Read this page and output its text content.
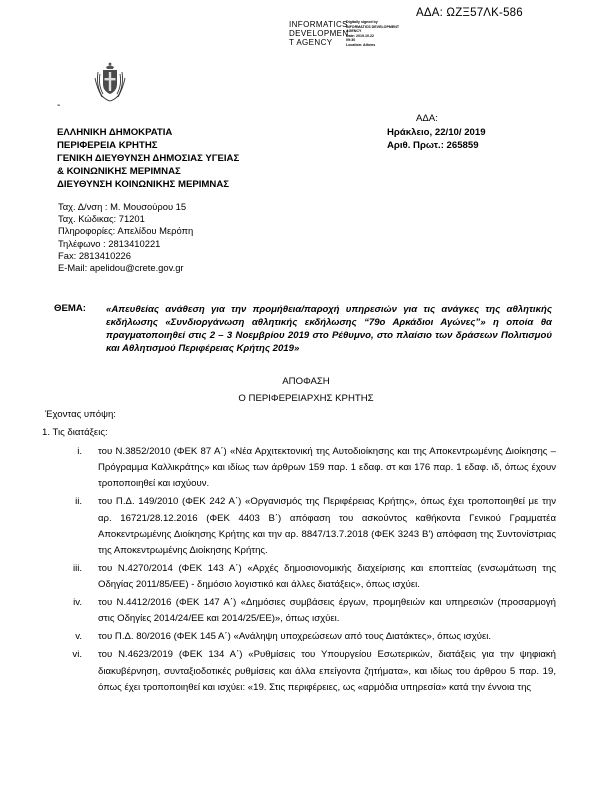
ΑΔΑ: ΩΖΞ57ΛΚ-586
INFORMATICS
DEVELOPMEN
T AGENCY
Digitally signed by
INFORMATICS DEVELOPMENT
AGENCY
Date: 2019.10.22
09:30
Location: Athens
-
ΕΛΛΗΝΙΚΗ ΔΗΜΟΚΡΑΤΙΑ
ΠΕΡΙΦΕΡΕΙΑ ΚΡΗΤΗΣ
ΓΕΝΙΚΗ ΔΙΕΥΘΥΝΣΗ ΔΗΜΟΣΙΑΣ ΥΓΕΙΑΣ
& ΚΟΙΝΩΝΙΚΗΣ ΜΕΡΙΜΝΑΣ
ΔΙΕΥΘΥΝΣΗ ΚΟΙΝΩΝΙΚΗΣ ΜΕΡΙΜΝΑΣ
ΑΔΑ:
Ηράκλειο, 22/10/ 2019
Αριθ. Πρωτ.: 265859
Ταχ. Δ/νση : Μ. Μουσούρου 15
Ταχ. Κώδικας: 71201
Πληροφορίες: Απελίδου Μερόπη
Τηλέφωνο : 2813410221
Fax: 2813410226
E-Mail: apelidou@crete.gov.gr
ΘΕΜΑ: «Απευθείας ανάθεση για την προμήθεια/παροχή υπηρεσιών για τις ανάγκες της αθλητικής εκδήλωσης «Συνδιοργάνωση αθλητικής εκδήλωσης “79ο Αρκάδιοι Αγώνες”» η οποία θα πραγματοποιηθεί στις 2 – 3 Νοεμβρίου 2019 στο Ρέθυμνο, στο πλαίσιο των δράσεων Πολιτισμού και Αθλητισμού Περιφέρειας Κρήτης 2019»
ΑΠΟΦΑΣΗ
Ο ΠΕΡΙΦΕΡΕΙΑΡΧΗΣ ΚΡΗΤΗΣ
Έχοντας υπόψη:
1. Τις διατάξεις:
i. του Ν.3852/2010 (ΦΕΚ 87 Α΄) «Νέα Αρχιτεκτονική της Αυτοδιοίκησης και της Αποκεντρωμένης Διοίκησης – Πρόγραμμα Καλλικράτης» και ιδίως των άρθρων 159 παρ. 1 εδαφ. στ και 176 παρ. 1 εδαφ. ιδ, όπως έχουν τροποποιηθεί και ισχύουν.
ii. του Π.Δ. 149/2010 (ΦΕΚ 242 Α΄) «Οργανισμός της Περιφέρειας Κρήτης», όπως έχει τροποποιηθεί με την αρ. 16721/28.12.2016 (ΦΕΚ 4403 Β΄) απόφαση του ασκούντος καθήκοντα Γενικού Γραμματέα Αποκεντρωμένης Διοίκησης Κρήτης και την αρ. 8847/13.7.2018 (ΦΕΚ 3243 Β') απόφαση της Συντονίστριας της Αποκεντρωμένης Διοίκησης Κρήτης.
iii. του Ν.4270/2014 (ΦΕΚ 143 Α΄) «Αρχές δημοσιονομικής διαχείρισης και εποπτείας (ενσωμάτωση της Οδηγίας 2011/85/ΕΕ) - δημόσιο λογιστικό και άλλες διατάξεις», όπως ισχύει.
iv. του Ν.4412/2016 (ΦΕΚ 147 Α΄) «Δημόσιες συμβάσεις έργων, προμηθειών και υπηρεσιών (προσαρμογή στις Οδηγίες 2014/24/ΕΕ και 2014/25/ΕΕ)», όπως ισχύει.
v. του Π.Δ. 80/2016 (ΦΕΚ 145 Α΄) «Ανάληψη υποχρεώσεων από τους Διατάκτες», όπως ισχύει.
vi. του Ν.4623/2019 (ΦΕΚ 134 Α΄) «Ρυθμίσεις του Υπουργείου Εσωτερικών, διατάξεις για την ψηφιακή διακυβέρνηση, συνταξιοδοτικές ρυθμίσεις και άλλα επείγοντα ζητήματα», και ιδίως του άρθρου 5 παρ. 19, όπως έχει τροποποιηθεί και ισχύει: «19. Στις περιφέρειες, ως «αρμόδια υπηρεσία» κατά την έννοια της
